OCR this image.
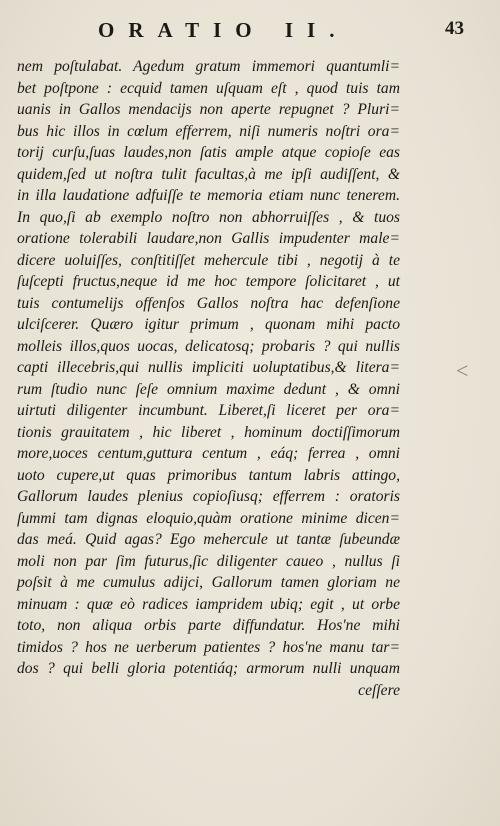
ORATIO II.	43
nem poſtulabat. Agedum gratum immemori quantumli=
bet poſtpone : ecquid tamen uſquam eſt , quod tuis tam
uanis in Gallos mendacijs non aperte repugnet ? Pluri=
bus hic illos in cœlum efferrem, niſi numeris noſtri ora=
torij curſu,ſuas laudes,non ſatis ample atque copioſe eas
quidem,ſed ut noſtra tulit facultas,à me ipſi audiſſent, &
in illa laudatione adfuiſſe te memoria etiam nunc tenerem.
In quo,ſi ab exemplo noſtro non abhorruiſſes , & tuos
oratione tolerabili laudare,non Gallis impudenter male=
dicere uoluiſſes, conſtitiſſet mehercule tibi , negotij à te
ſuſcepti fructus,neque id me hoc tempore ſolicitaret , ut
tuis contumelijs offenſos Gallos noſtra hac defenſione
ulciſcerer. Quæro igitur primum , quonam mihi pacto
molleis illos,quos uocas, delicatosq; probaris ? qui nullis
capti illecebris,qui nullis impliciti uoluptatibus,& litera=
rum ſtudio nunc ſeſe omnium maxime dedunt , & omni
uirtuti diligenter incumbunt. Liberet,ſi liceret per ora=
tionis grauitatem , hic liberet , hominum doctiſſimorum
more,uoces centum,guttura centum , eáq; ferrea , omni
uoto cupere,ut quas primoribus tantum labris attingo,
Gallorum laudes plenius copioſiusq; efferrem : oratoris
ſummi tam dignas eloquio,quàm oratione minime dicen=
das meá. Quid agas? Ego mehercule ut tantæ ſubeundæ
moli non par ſim futurus,ſic diligenter caueo , nullus ſi
poſsit à me cumulus adijci, Gallorum tamen gloriam ne
minuam : quæ eò radices iampridem ubiq; egit , ut orbe
toto, non aliqua orbis parte diffundatur. Hos'ne mihi
timidos ? hos ne uerberum patientes ? hos'ne manu tar=
dos ? qui belli gloria potentiáq; armorum nulli unquam
ceſſere
<
